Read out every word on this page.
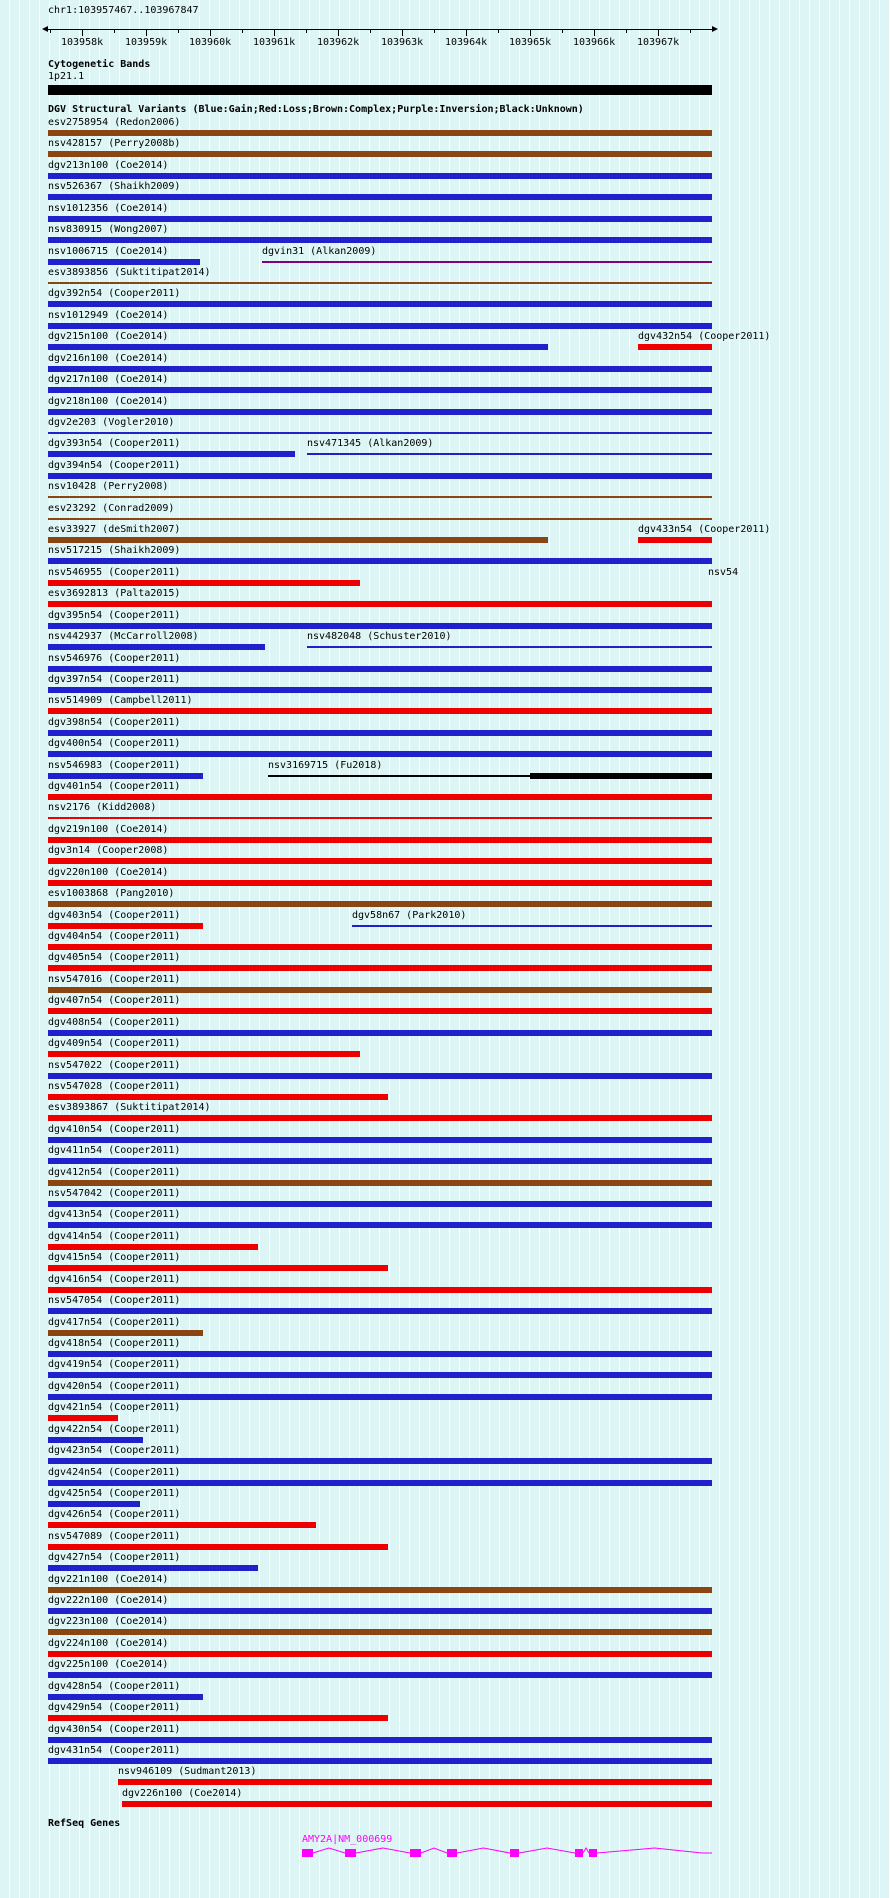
chr1:103957467..103967847
103958k 103959k 103960k 103961k 103962k 103963k 103964k 103965k 103966k 103967k
Cytogenetic Bands
1p21.1
DGV Structural Variants (Blue:Gain;Red:Loss;Brown:Complex;Purple:Inversion;Black:Unknown)
esv2758954 (Redon2006)
nsv428157 (Perry2008b)
dgv213n100 (Coe2014)
nsv526367 (Shaikh2009)
nsv1012356 (Coe2014)
nsv830915 (Wong2007)
nsv1006715 (Coe2014)	dgvin31 (Alkan2009)
esv3893856 (Suktitipat2014)
dgv392n54 (Cooper2011)
nsv1012949 (Coe2014)
dgv215n100 (Coe2014)	dgv432n54 (Cooper2011)
dgv216n100 (Coe2014)
dgv217n100 (Coe2014)
dgv218n100 (Coe2014)
dgv2e203 (Vogler2010)
dgv393n54 (Cooper2011)	nsv471345 (Alkan2009)
dgv394n54 (Cooper2011)
nsv10428 (Perry2008)
esv23292 (Conrad2009)
esv33927 (deSmith2007)	dgv433n54 (Cooper2011)
nsv517215 (Shaikh2009)
nsv546955 (Cooper2011)	nsv54
esv3692813 (Palta2015)
dgv395n54 (Cooper2011)
nsv442937 (McCarroll2008)	nsv482048 (Schuster2010)
nsv546976 (Cooper2011)
dgv397n54 (Cooper2011)
nsv514909 (Campbell2011)
dgv398n54 (Cooper2011)
dgv400n54 (Cooper2011)
nsv546983 (Cooper2011)	nsv3169715 (Fu2018)
dgv401n54 (Cooper2011)
nsv2176 (Kidd2008)
dgv219n100 (Coe2014)
dgv3n14 (Cooper2008)
dgv220n100 (Coe2014)
esv1003868 (Pang2010)
dgv403n54 (Cooper2011)	dgv58n67 (Park2010)
dgv404n54 (Cooper2011)
dgv405n54 (Cooper2011)
nsv547016 (Cooper2011)
dgv407n54 (Cooper2011)
dgv408n54 (Cooper2011)
dgv409n54 (Cooper2011)
nsv547022 (Cooper2011)
nsv547028 (Cooper2011)
esv3893867 (Suktitipat2014)
dgv410n54 (Cooper2011)
dgv411n54 (Cooper2011)
dgv412n54 (Cooper2011)
nsv547042 (Cooper2011)
dgv413n54 (Cooper2011)
dgv414n54 (Cooper2011)
dgv415n54 (Cooper2011)
dgv416n54 (Cooper2011)
nsv547054 (Cooper2011)
dgv417n54 (Cooper2011)
dgv418n54 (Cooper2011)
dgv419n54 (Cooper2011)
dgv420n54 (Cooper2011)
dgv421n54 (Cooper2011)
dgv422n54 (Cooper2011)
dgv423n54 (Cooper2011)
dgv424n54 (Cooper2011)
dgv425n54 (Cooper2011)
dgv426n54 (Cooper2011)
nsv547089 (Cooper2011)
dgv427n54 (Cooper2011)
dgv221n100 (Coe2014)
dgv222n100 (Coe2014)
dgv223n100 (Coe2014)
dgv224n100 (Coe2014)
dgv225n100 (Coe2014)
dgv428n54 (Cooper2011)
dgv429n54 (Cooper2011)
dgv430n54 (Cooper2011)
dgv431n54 (Cooper2011)
nsv946109 (Sudmant2013)
dgv226n100 (Coe2014)
RefSeq Genes
AMY2A|NM_000699
